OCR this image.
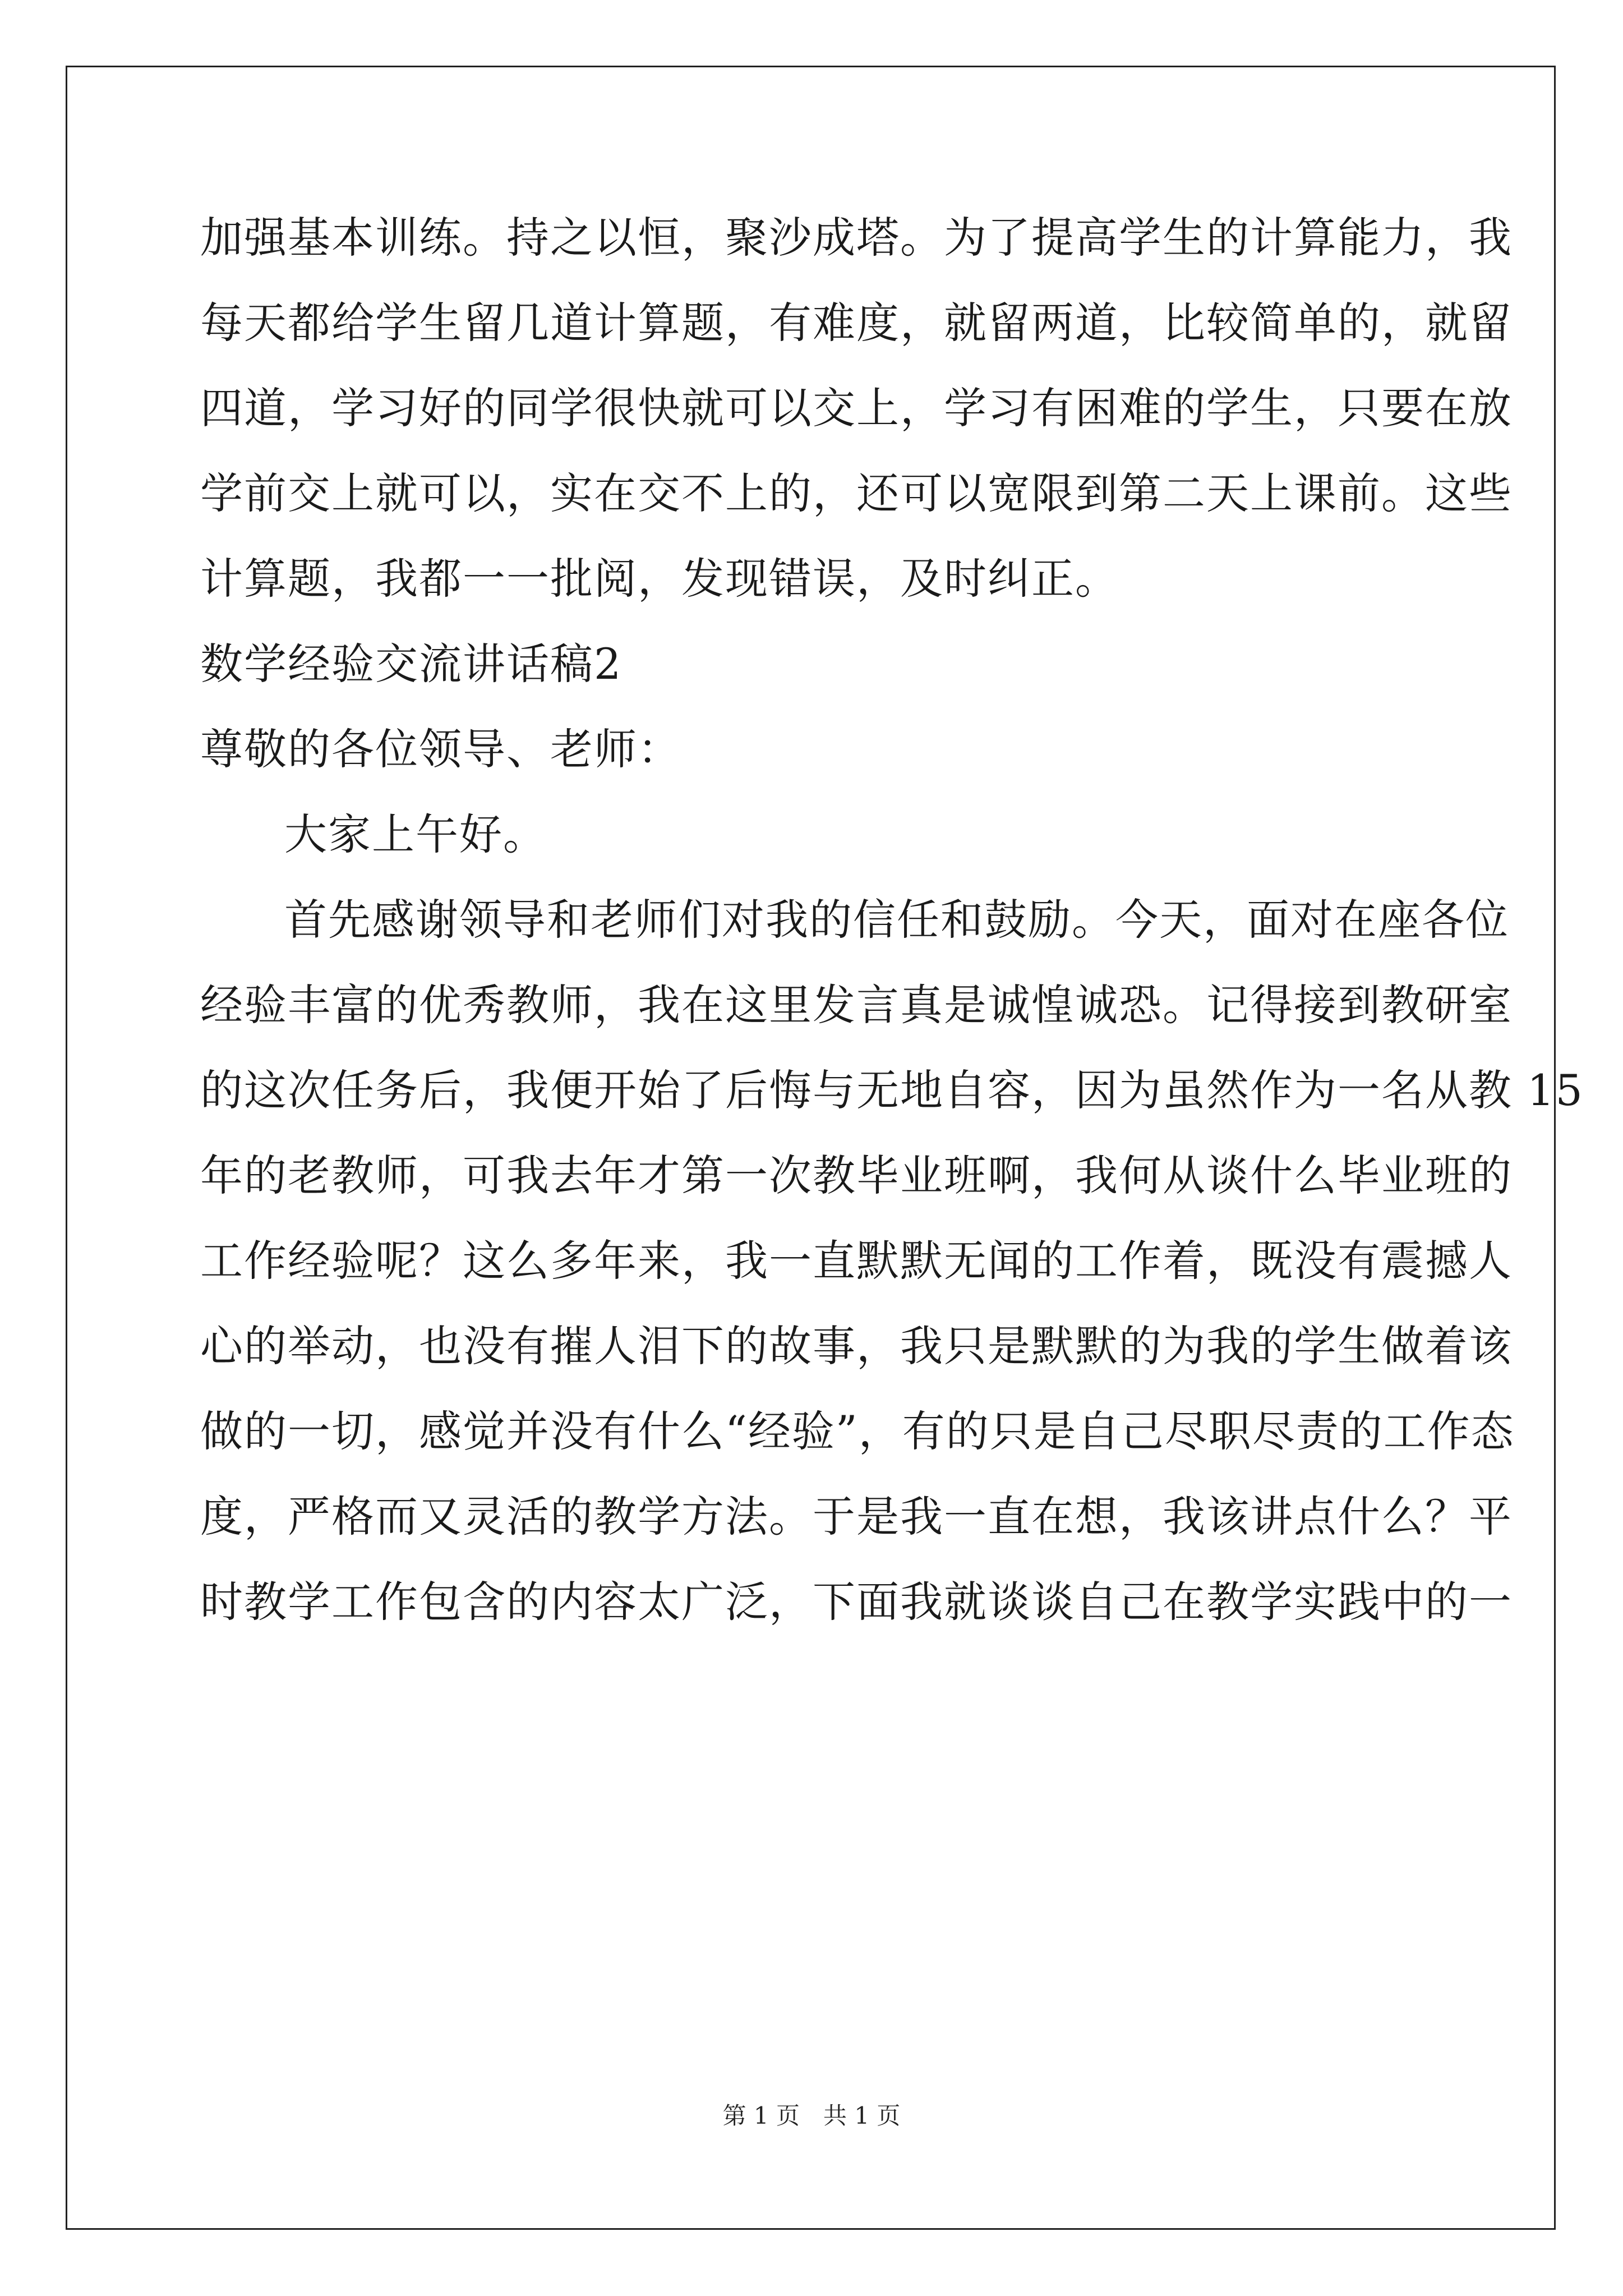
加强基本训练。持之以恒，聚沙成塔。为了提高学生的计算能力，我
每天都给学生留几道计算题，有难度，就留两道，比较简单的，就留
四道，学习好的同学很快就可以交上，学习有困难的学生，只要在放
学前交上就可以，实在交不上的，还可以宽限到第二天上课前。这些
计算题，我都一一批阅，发现错误，及时纠正。
数学经验交流讲话稿2
尊敬的各位领导、老师：
大家上午好。
首先感谢领导和老师们对我的信任和鼓励。今天，面对在座各位
经验丰富的优秀教师，我在这里发言真是诚惶诚恐。记得接到教研室
的这次任务后，我便开始了后悔与无地自容，因为虽然作为一名从教 15
年的老教师，可我去年才第一次教毕业班啊，我何从谈什么毕业班的
工作经验呢？这么多年来，我一直默默无闻的工作着，既没有震撼人
心的举动，也没有摧人泪下的故事，我只是默默的为我的学生做着该
做的一切，感觉并没有什么“经验”，有的只是自己尽职尽责的工作态
度，严格而又灵活的教学方法。于是我一直在想，我该讲点什么？平
时教学工作包含的内容太广泛，下面我就谈谈自己在教学实践中的一
第 1 页　共 1 页
